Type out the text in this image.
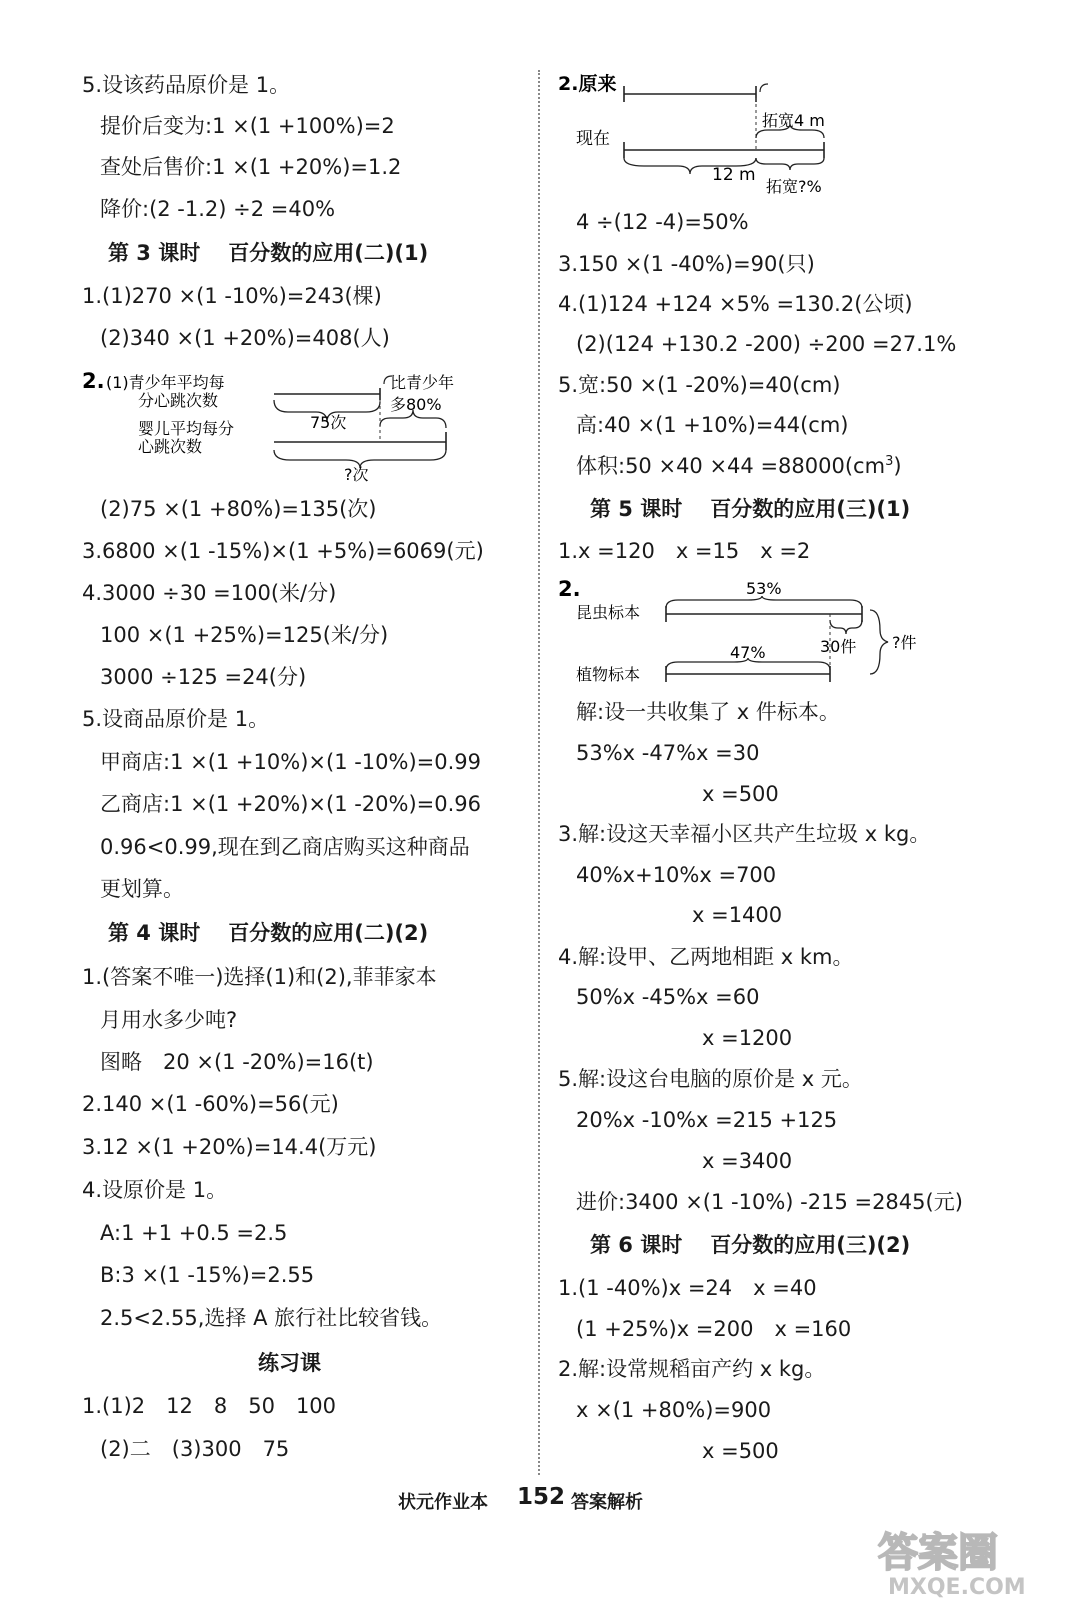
5.设该药品原价是 1。
提价后变为:1 ×(1 +100%)=2
查处后售价:1 ×(1 +20%)=1.2
降价:(2 -1.2) ÷2 =40%
第 3 课时 百分数的应用(二)(1)
1.(1)270 ×(1 -10%)=243(棵)
(2)340 ×(1 +20%)=408(人)
2. (1)青少年平均每
分心跳次数
婴儿平均每分
心跳次数
75次
比青少年
多80%
?次
(2)75 ×(1 +80%)=135(次)
3.6800 ×(1 -15%)×(1 +5%)=6069(元)
4.3000 ÷30 =100(米/分)
100 ×(1 +25%)=125(米/分)
3000 ÷125 =24(分)
5.设商品原价是 1。
甲商店:1 ×(1 +10%)×(1 -10%)=0.99
乙商店:1 ×(1 +20%)×(1 -20%)=0.96
0.96<0.99,现在到乙商店购买这种商品
更划算。
第 4 课时 百分数的应用(二)(2)
1.(答案不唯一)选择(1)和(2),菲菲家本
月用水多少吨?
图略　20 ×(1 -20%)=16(t)
2.140 ×(1 -60%)=56(元)
3.12 ×(1 +20%)=14.4(万元)
4.设原价是 1。
A:1 +1 +0.5 =2.5
B:3 ×(1 -15%)=2.55
2.5<2.55,选择 A 旅行社比较省钱。
练习课
1.(1)2　12　8　50　100
(2)二　(3)300　75
2.原来
现在
拓宽4 m
12 m
拓宽?%
4 ÷(12 -4)=50%
3.150 ×(1 -40%)=90(只)
4.(1)124 +124 ×5% =130.2(公顷)
(2)(124 +130.2 -200) ÷200 =27.1%
5.宽:50 ×(1 -20%)=40(cm)
高:40 ×(1 +10%)=44(cm)
体积:50 $\times 40 \times 44 =88000(cm^3)$
第 5 课时 百分数的应用(三)(1)
1.x =120　x =15　x =2
2.	53%
昆虫标本
?件
47%	30件
植物标本
解:设一共收集了 x 件标本。
53%x -47%x =30
x =500
3.解:设这天幸福小区共产生垃圾 x kg。
40%x+10%x =700
x =1400
4.解:设甲、乙两地相距 x km。
50%x -45%x =60
x =1200
5.解:设这台电脑的原价是 x 元。
20%x -10%x =215 +125
x =3400
进价:3400 ×(1 -10%) -215 =2845(元)
第 6 课时 百分数的应用(三)(2)
1.(1 -40%)x =24　x =40
(1 +25%)x =200　x =160
2.解:设常规稻亩产约 x kg。
x ×(1 +80%)=900
x =500
状元作业本 152 答案解析
答案圈
MXQE.COM
